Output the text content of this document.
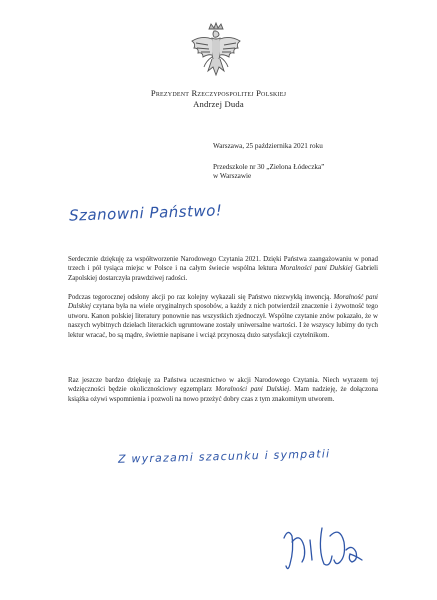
Prezydent Rzeczypospolitej Polskiej
Andrzej Duda
Warszawa, 25 października 2021 roku
Przedszkole nr 30 „Zielona Łódeczka”
w Warszawie
Szanowni Państwo!

Serdecznie dziękuję za współtworzenie Narodowego Czytania 2021. Dzięki Państwa zaangażowaniu w ponad trzech i pół tysiąca miejsc w Polsce i na całym świecie wspólna lektura Moralności pani Dulskiej Gabrieli Zapolskiej dostarczyła prawdziwej radości.

Podczas tegorocznej odsłony akcji po raz kolejny wykazali się Państwo niezwykłą inwencją. Moralność pani Dulskiej czytana była na wiele oryginalnych sposobów, a każdy z nich potwierdził znaczenie i żywotność tego utworu. Kanon polskiej literatury ponownie nas wszystkich zjednoczył. Wspólne czytanie znów pokazało, że w naszych wybitnych dziełach literackich ugruntowane zostały uniwersalne wartości. I że wszyscy lubimy do tych lektur wracać, bo są mądre, świetnie napisane i wciąż przynoszą dużo satysfakcji czytelnikom.

Raz jeszcze bardzo dziękuję za Państwa uczestnictwo w akcji Narodowego Czytania. Niech wyrazem tej wdzięczności będzie okolicznościowy egzemplarz Moralności pani Dulskiej. Mam nadzieję, że dołączona książka ożywi wspomnienia i pozwoli na nowo przeżyć dobry czas z tym znakomitym utworem.

Z wyrazami szacunku i sympatii
